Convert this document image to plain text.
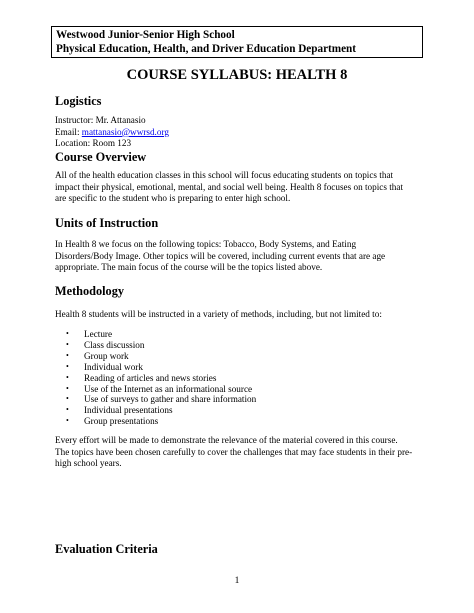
Westwood Junior-Senior High School
Physical Education, Health, and Driver Education Department
COURSE SYLLABUS: HEALTH 8
Logistics
Instructor: Mr. Attanasio
Email: mattanasio@wwrsd.org
Location: Room 123
Course Overview
All of the health education classes in this school will focus educating students on topics that
impact their physical, emotional, mental, and social well being. Health 8 focuses on topics that
are specific to the student who is preparing to enter high school.
Units of Instruction
In Health 8 we focus on the following topics: Tobacco, Body Systems, and Eating
Disorders/Body Image. Other topics will be covered, including current events that are age
appropriate. The main focus of the course will be the topics listed above.
Methodology
Health 8 students will be instructed in a variety of methods, including, but not limited to:
• Lecture
• Class discussion
• Group work
• Individual work
• Reading of articles and news stories
• Use of the Internet as an informational source
• Use of surveys to gather and share information
• Individual presentations
• Group presentations
Every effort will be made to demonstrate the relevance of the material covered in this course.
The topics have been chosen carefully to cover the challenges that may face students in their pre-
high school years.
Evaluation Criteria
1
